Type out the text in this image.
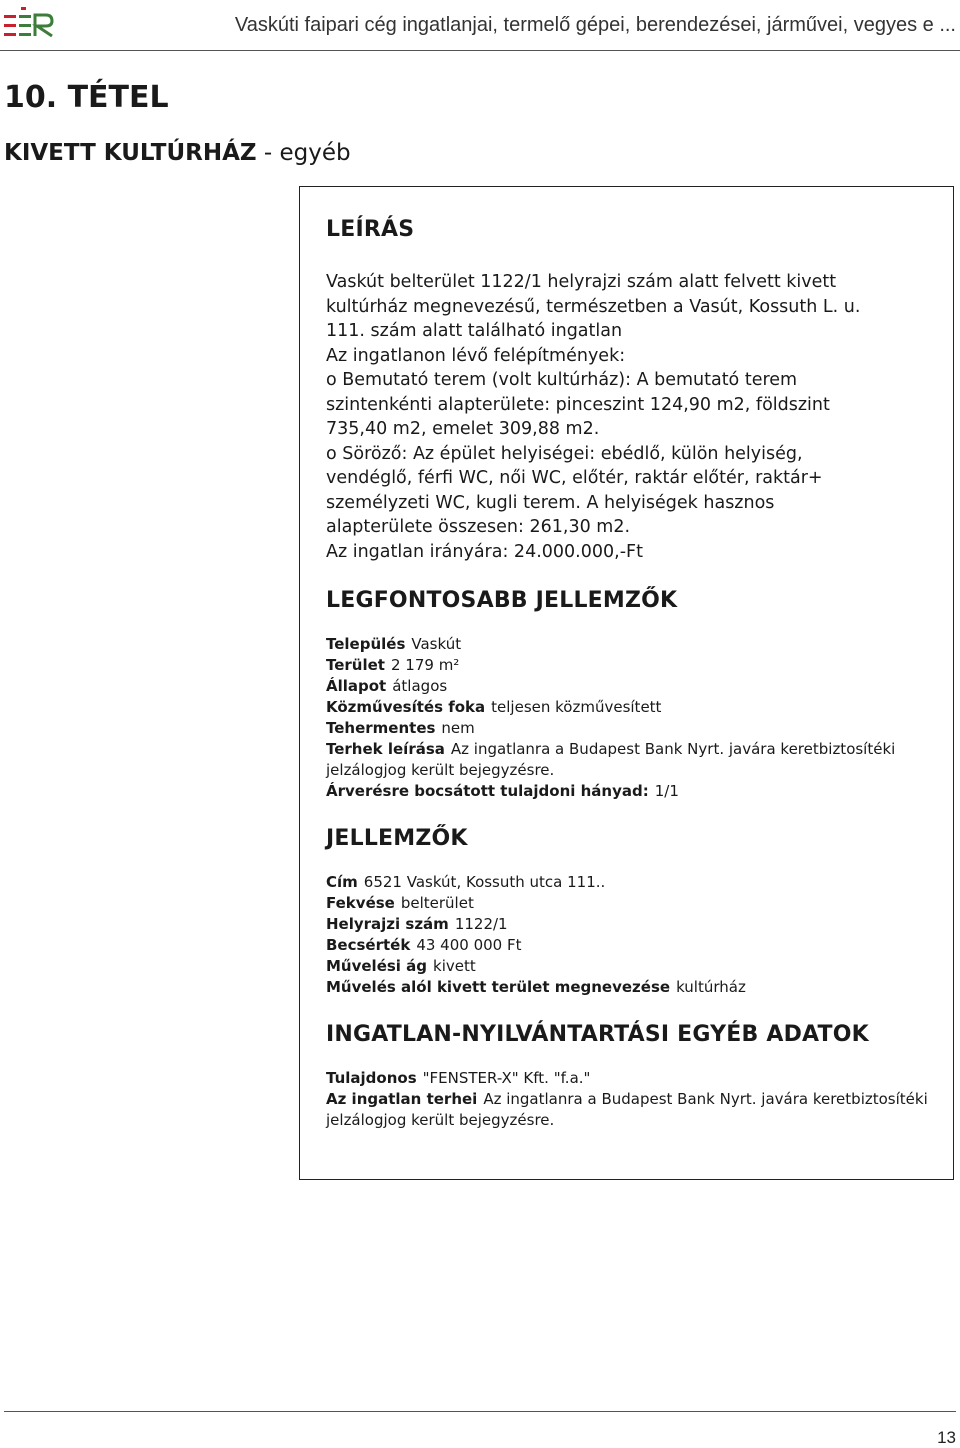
Vaskúti faipari cég ingatlanjai, termelő gépei, berendezései, járművei, vegyes e ...
10. TÉTEL

KIVETT KULTÚRHÁZ - egyéb

LEÍRÁS

Vaskút belterület 1122/1 helyrajzi szám alatt felvett kivett

kultúrház megnevezésű, természetben a Vasút, Kossuth L. u.

111. szám alatt található ingatlan

Az ingatlanon lévő felépítmények:

o Bemutató terem (volt kultúrház): A bemutató terem

szintenkénti alapterülete: pinceszint 124,90 m2, földszint

735,40 m2, emelet 309,88 m2.

o Söröző: Az épület helyiségei: ebédlő, külön helyiség,

vendéglő, férfi WC, női WC, előtér, raktár előtér, raktár+

személyzeti WC, kugli terem. A helyiségek hasznos

alapterülete összesen: 261,30 m2.

Az ingatlan irányára: 24.000.000,-Ft

LEGFONTOSABB JELLEMZŐK

Település Vaskút

Terület 2 179 m²

Állapot átlagos

Közművesítés foka teljesen közművesített

Tehermentes nem

Terhek leírása Az ingatlanra a Budapest Bank Nyrt. javára keretbiztosítéki jelzálogjog került bejegyzésre.

Árverésre bocsátott tulajdoni hányad: 1/1

JELLEMZŐK

Cím 6521 Vaskút, Kossuth utca 111..

Fekvése belterület

Helyrajzi szám 1122/1

Becsérték 43 400 000 Ft

Művelési ág kivett

Művelés alól kivett terület megnevezése kultúrház

INGATLAN-NYILVÁNTARTÁSI EGYÉB ADATOK

Tulajdonos "FENSTER-X" Kft. "f.a."

Az ingatlan terhei Az ingatlanra a Budapest Bank Nyrt. javára keretbiztosítéki jelzálogjog került bejegyzésre.

13
